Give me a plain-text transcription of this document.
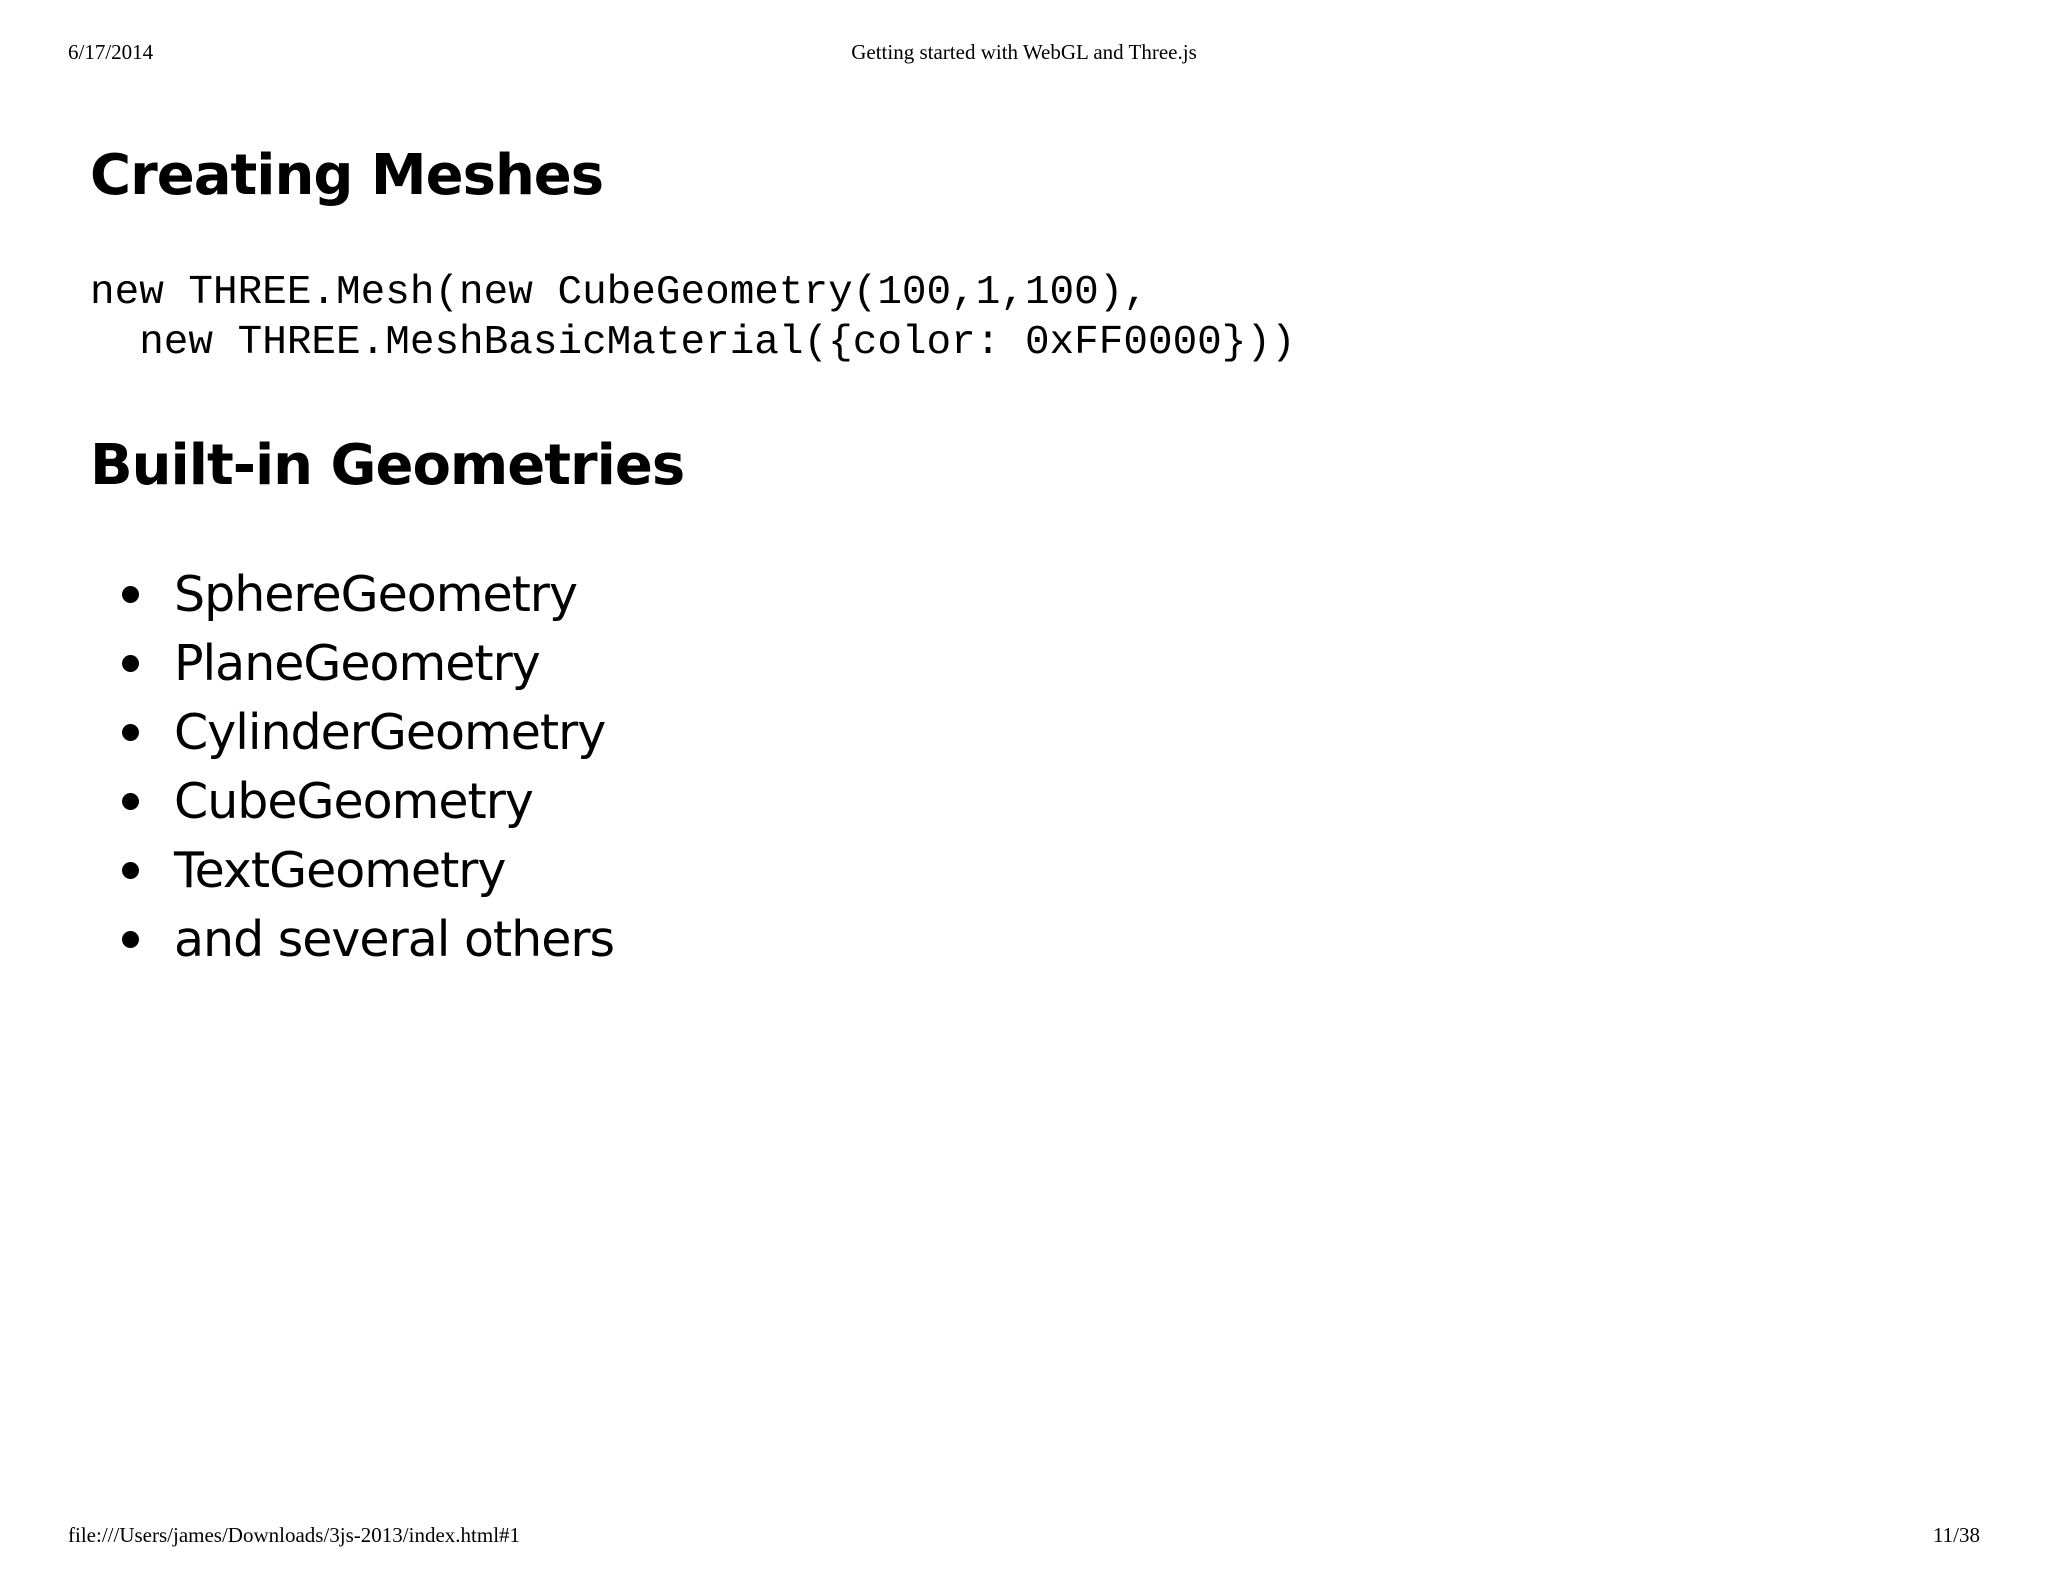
6/17/2014	Getting started with WebGL and Three.js
Creating Meshes
new THREE.Mesh(new CubeGeometry(100,1,100),
new THREE.MeshBasicMaterial({color: 0xFF0000}))
Built-in Geometries
SphereGeometry
PlaneGeometry
CylinderGeometry
CubeGeometry
TextGeometry
and several others
file:///Users/james/Downloads/3js-2013/index.html#1	11/38
